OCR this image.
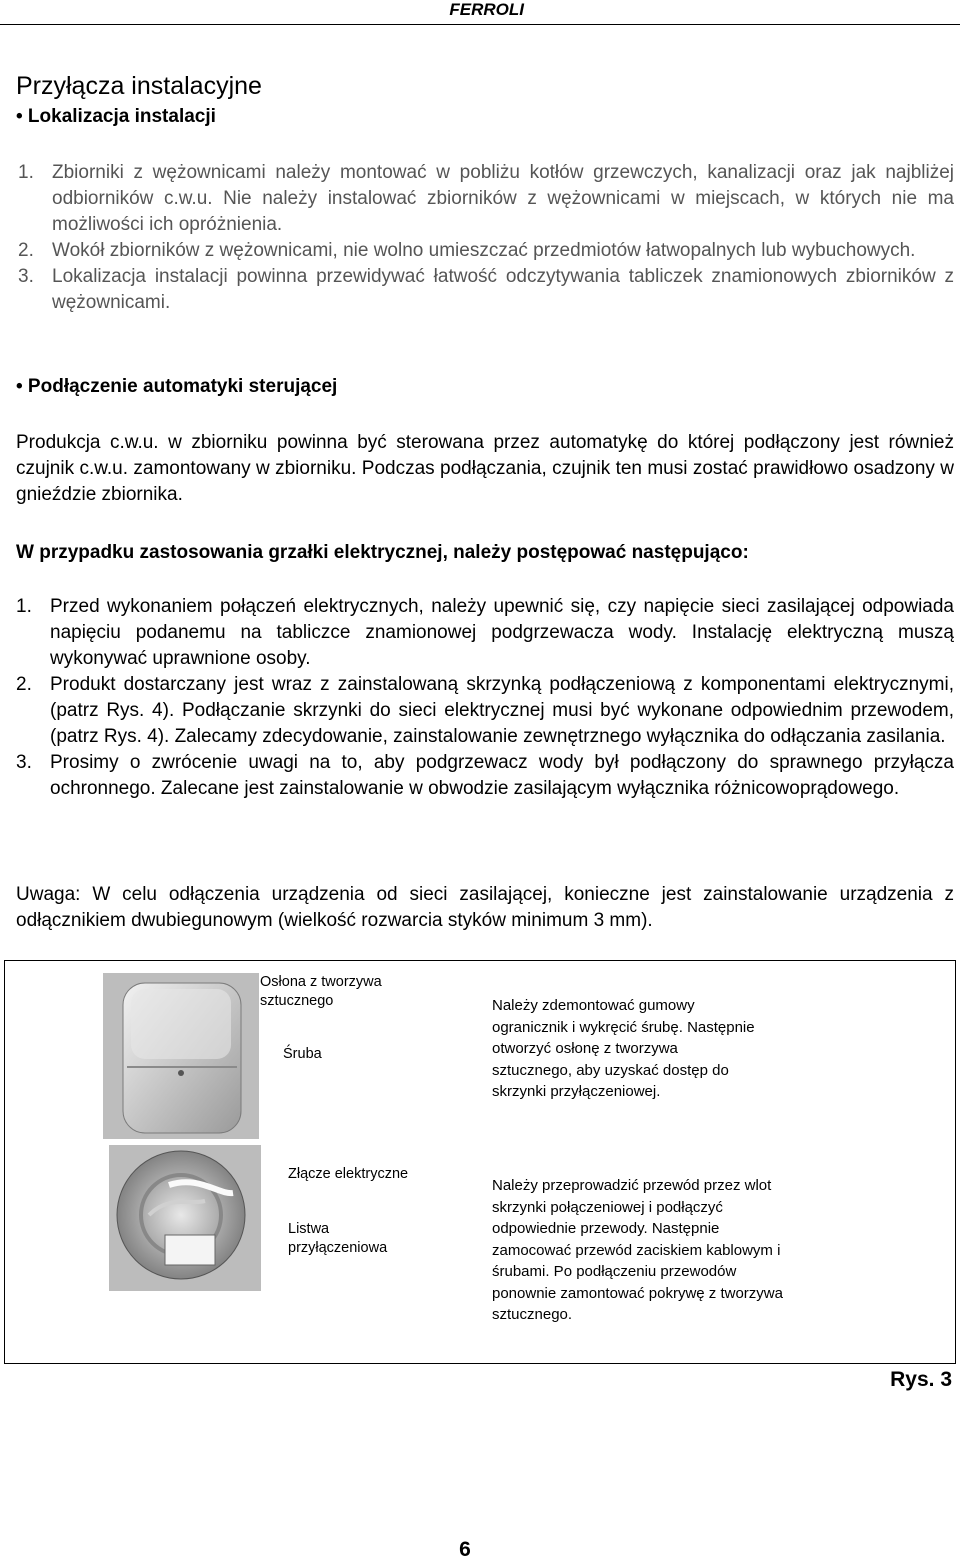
FERROLI
Przyłącza instalacyjne
• Lokalizacja instalacji
1. Zbiorniki z wężownicami należy montować w pobliżu kotłów grzewczych, kanalizacji oraz jak najbliżej odbiorników c.w.u. Nie należy instalować zbiorników z wężownicami w miejscach, w których nie ma możliwości ich opróżnienia.
2. Wokół zbiorników z wężownicami, nie wolno umieszczać przedmiotów łatwopalnych lub wybuchowych.
3. Lokalizacja instalacji powinna przewidywać łatwość odczytywania tabliczek znamionowych zbiorników z wężownicami.
• Podłączenie automatyki sterującej
Produkcja c.w.u. w zbiorniku powinna być sterowana przez automatykę do której podłączony jest również czujnik c.w.u. zamontowany w zbiorniku. Podczas podłączania, czujnik ten musi zostać prawidłowo osadzony w gnieździe zbiornika.
W przypadku zastosowania grzałki elektrycznej, należy postępować następująco:
1. Przed wykonaniem połączeń elektrycznych, należy upewnić się, czy napięcie sieci zasilającej odpowiada napięciu podanemu na tabliczce znamionowej podgrzewacza wody. Instalację elektryczną muszą wykonywać uprawnione osoby.
2. Produkt dostarczany jest wraz z zainstalowaną skrzynką podłączeniową z komponentami elektrycznymi, (patrz Rys. 4). Podłączanie skrzynki do sieci elektrycznej musi być wykonane odpowiednim przewodem, (patrz Rys. 4). Zalecamy zdecydowanie, zainstalowanie zewnętrznego wyłącznika do odłączania zasilania.
3. Prosimy o zwrócenie uwagi na to, aby podgrzewacz wody był podłączony do sprawnego przyłącza ochronnego. Zalecane jest zainstalowanie w obwodzie zasilającym wyłącznika różnicowoprądowego.
Uwaga: W celu odłączenia urządzenia od sieci zasilającej, konieczne jest zainstalowanie urządzenia z odłącznikiem dwubiegunowym (wielkość rozwarcia styków minimum 3 mm).
Osłona z tworzywa sztucznego
Śruba
Należy zdemontować gumowy ogranicznik i wykręcić śrubę. Następnie otworzyć osłonę z tworzywa sztucznego, aby uzyskać dostęp do skrzynki przyłączeniowej.
Złącze elektryczne
Listwa przyłączeniowa
Należy przeprowadzić przewód przez wlot skrzynki połączeniowej i podłączyć odpowiednie przewody. Następnie zamocować przewód zaciskiem kablowym i śrubami. Po podłączeniu przewodów ponownie zamontować pokrywę z tworzywa sztucznego.
Rys. 3
6
